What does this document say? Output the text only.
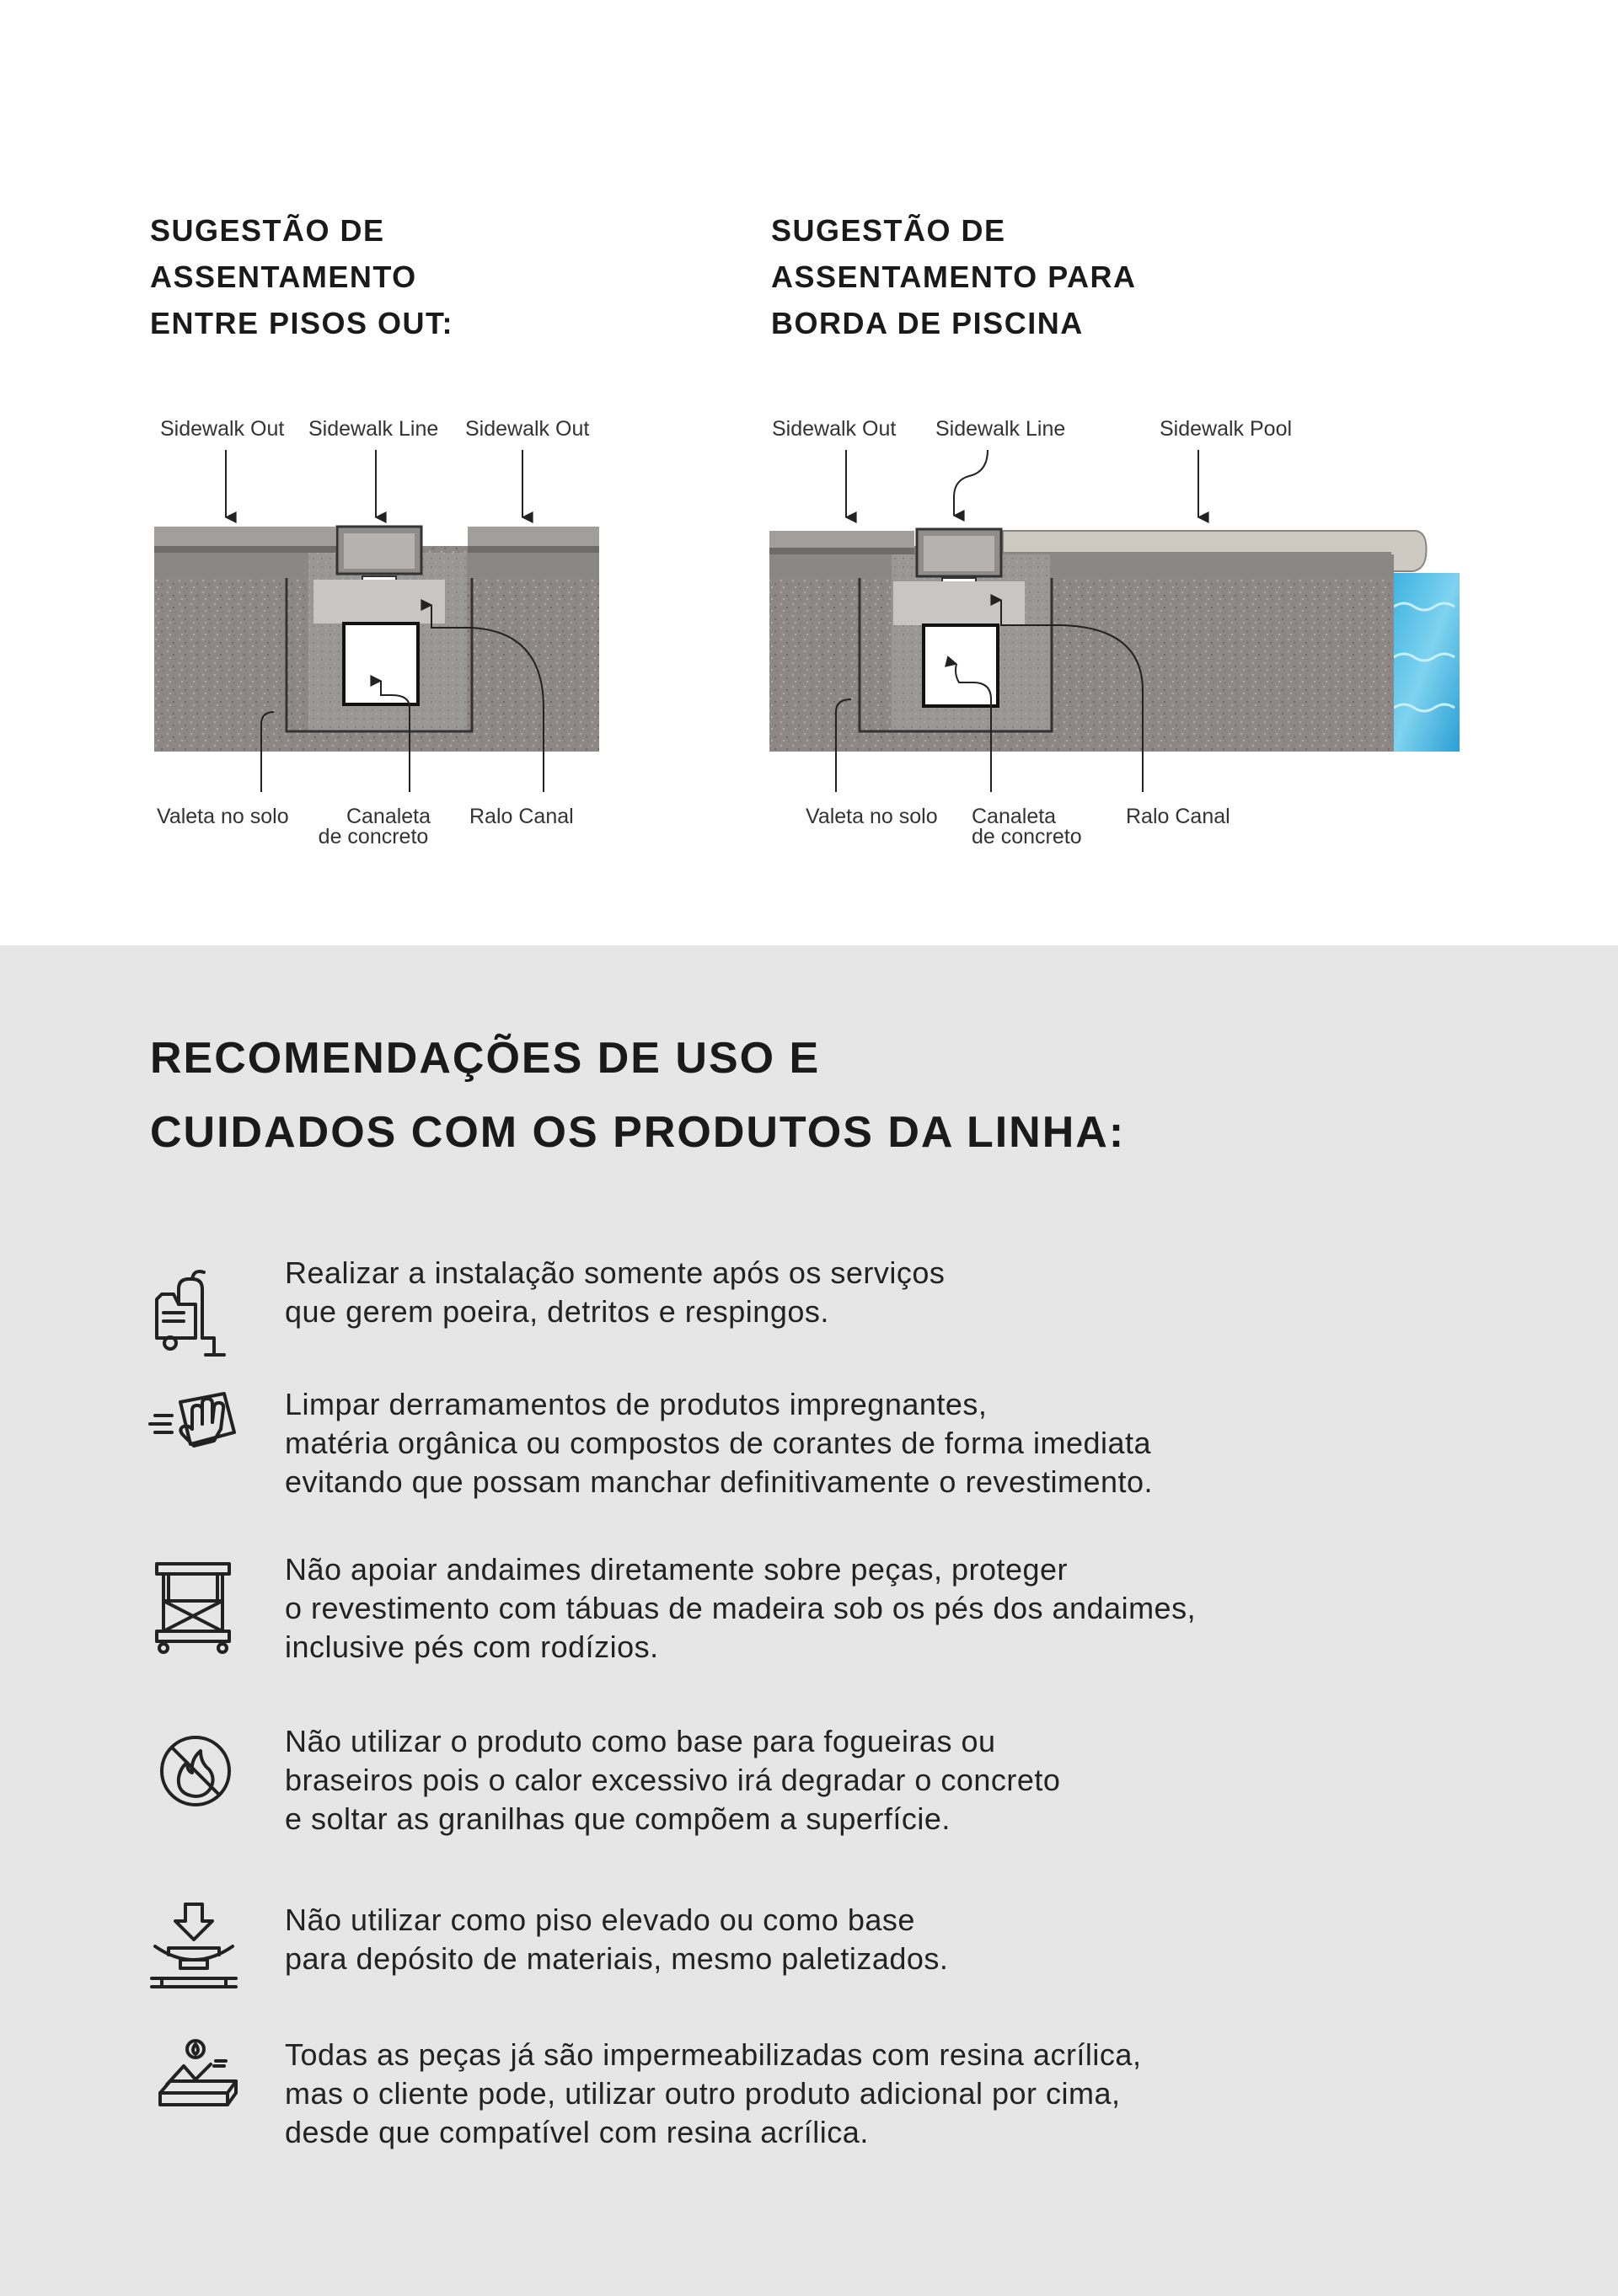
SUGESTÃO DE
ASSENTAMENTO
ENTRE PISOS OUT:
SUGESTÃO DE
ASSENTAMENTO PARA
BORDA DE PISCINA
Sidewalk Out Sidewalk Line Sidewalk Out
Valeta no solo	Canaleta
de concreto
Ralo Canal
Sidewalk Out Sidewalk Line	Sidewalk Pool
Valeta no solo Canaleta
de concreto
Ralo Canal
RECOMENDAÇÕES DE USO E
CUIDADOS COM OS PRODUTOS DA LINHA:
Realizar a instalação somente após os serviços
que gerem poeira, detritos e respingos.
Limpar derramamentos de produtos impregnantes,
matéria orgânica ou compostos de corantes de forma imediata
evitando que possam manchar definitivamente o revestimento.
Não apoiar andaimes diretamente sobre peças, proteger
o revestimento com tábuas de madeira sob os pés dos andaimes,
inclusive pés com rodízios.
Não utilizar o produto como base para fogueiras ou
braseiros pois o calor excessivo irá degradar o concreto
e soltar as granilhas que compõem a superfície.
Não utilizar como piso elevado ou como base
para depósito de materiais, mesmo paletizados.
Todas as peças já são impermeabilizadas com resina acrílica,
mas o cliente pode, utilizar outro produto adicional por cima,
desde que compatível com resina acrílica.
